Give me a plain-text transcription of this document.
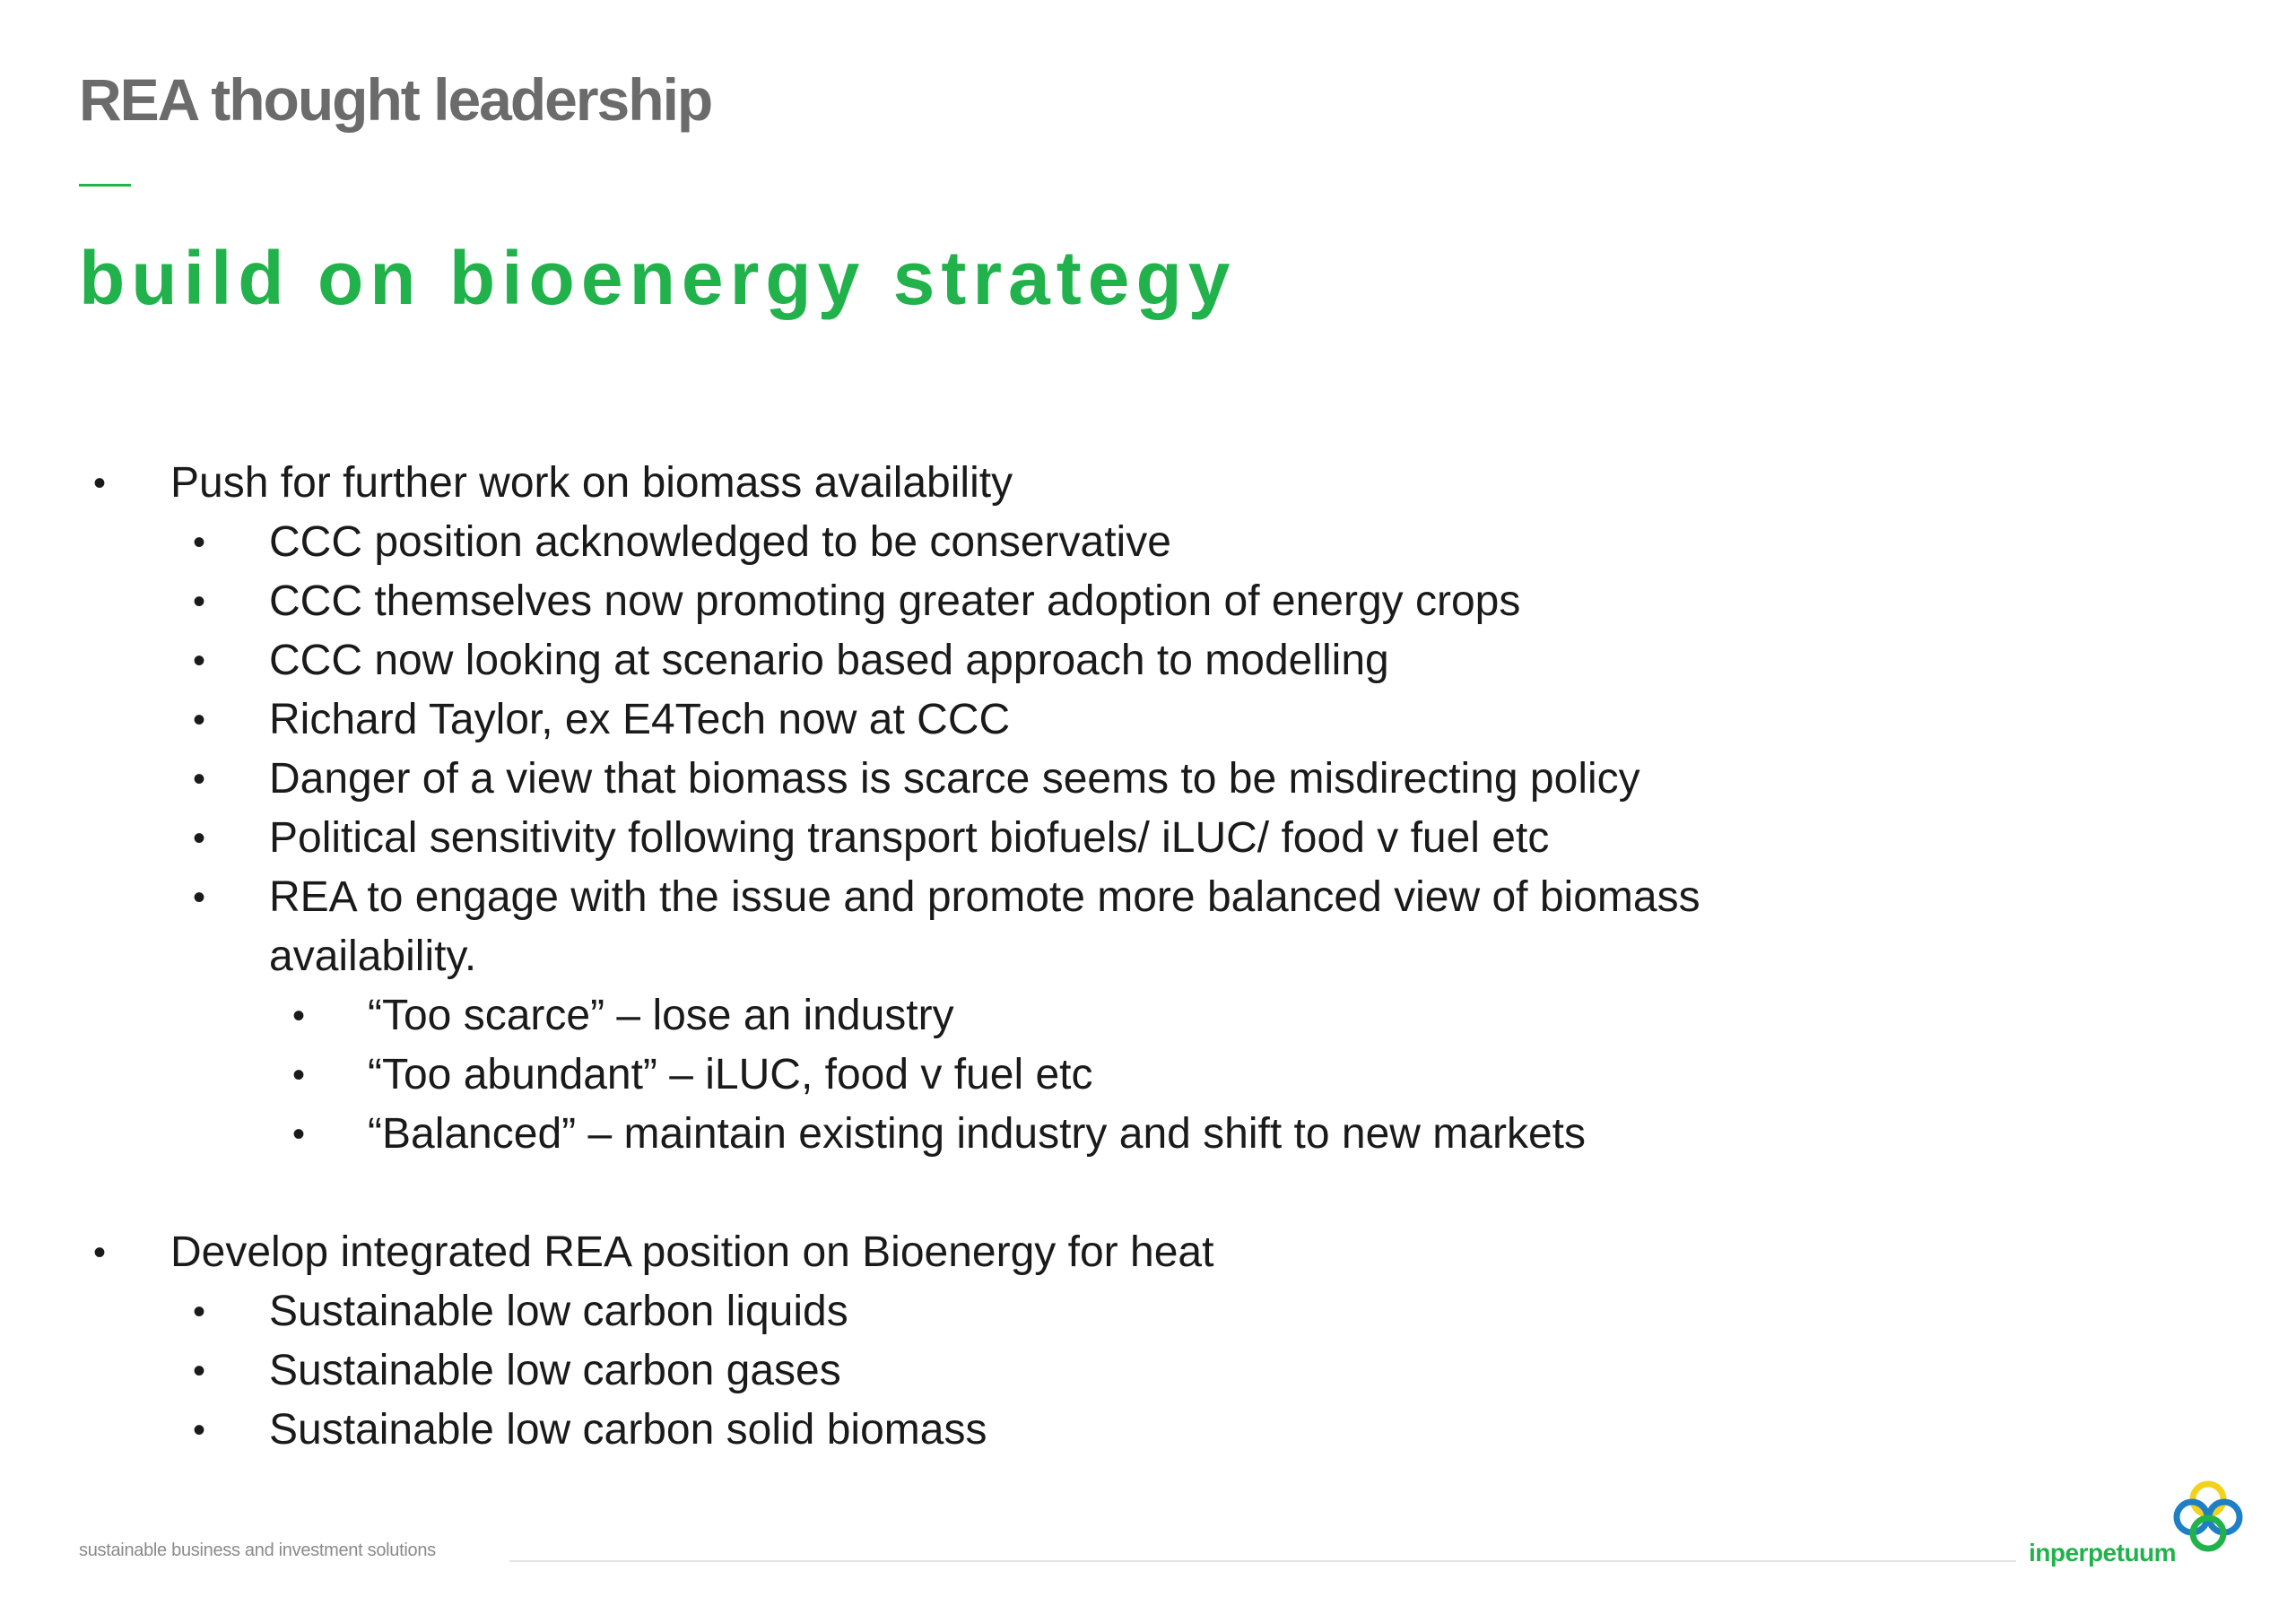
REA thought leadership
build on bioenergy strategy
• Push for further work on biomass availability
• CCC position acknowledged to be conservative
• CCC themselves now promoting greater adoption of energy crops
• CCC now looking at scenario based approach to modelling
• Richard Taylor, ex E4Tech now at CCC
• Danger of a view that biomass is scarce seems to be misdirecting policy
• Political sensitivity following transport biofuels/ iLUC/ food v fuel etc
• REA to engage with the issue and promote more balanced view of biomass availability.
• “Too scarce” – lose an industry
• “Too abundant” – iLUC, food v fuel etc
• “Balanced” – maintain existing industry and shift to new markets
• Develop integrated REA position on Bioenergy for heat
• Sustainable low carbon liquids
• Sustainable low carbon gases
• Sustainable low carbon solid biomass
sustainable business and investment solutions	inperpetuum
